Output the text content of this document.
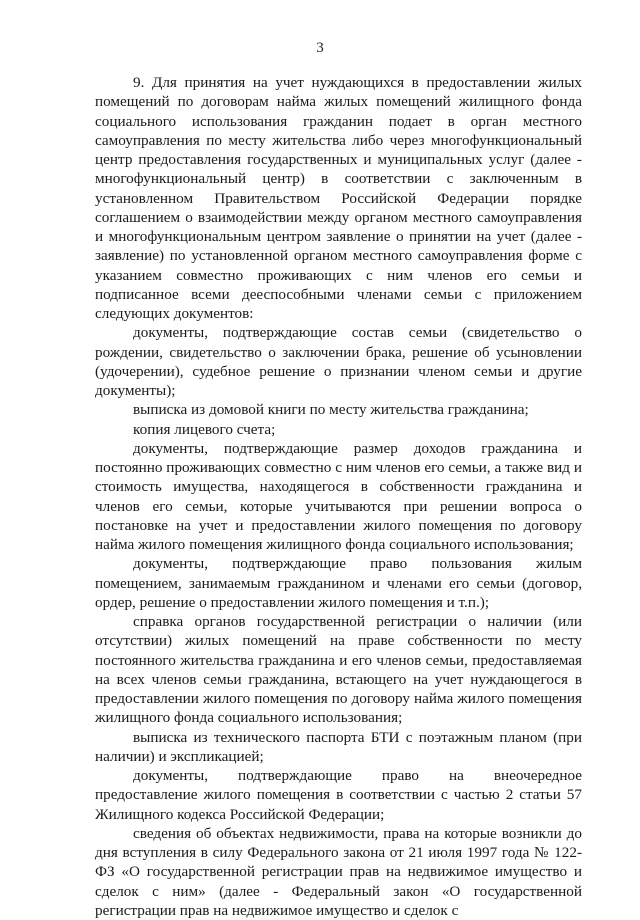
3

9. Для принятия на учет нуждающихся в предоставлении жилых помещений по договорам найма жилых помещений жилищного фонда социального использования гражданин подает в орган местного самоуправления по месту жительства либо через многофункциональный центр предоставления государственных и муниципальных услуг (далее - многофункциональный центр) в соответствии с заключенным в установленном Правительством Российской Федерации порядке соглашением о взаимодействии между органом местного самоуправления и многофункциональным центром заявление о принятии на учет (далее - заявление) по установленной органом местного самоуправления форме с указанием совместно проживающих с ним членов его семьи и подписанное всеми дееспособными членами семьи с приложением следующих документов:

документы, подтверждающие состав семьи (свидетельство о рождении, свидетельство о заключении брака, решение об усыновлении (удочерении), судебное решение о признании членом семьи и другие документы);

выписка из домовой книги по месту жительства гражданина;

копия лицевого счета;

документы, подтверждающие размер доходов гражданина и постоянно проживающих совместно с ним членов его семьи, а также вид и стоимость имущества, находящегося в собственности гражданина и членов его семьи, которые учитываются при решении вопроса о постановке на учет и предоставлении жилого помещения по договору найма жилого помещения жилищного фонда социального использования;

документы, подтверждающие право пользования жилым помещением, занимаемым гражданином и членами его семьи (договор, ордер, решение о предоставлении жилого помещения и т.п.);

справка органов государственной регистрации о наличии (или отсутствии) жилых помещений на праве собственности по месту постоянного жительства гражданина и его членов семьи, предоставляемая на всех членов семьи гражданина, встающего на учет нуждающегося в предоставлении жилого помещения по договору найма жилого помещения жилищного фонда социального использования;

выписка из технического паспорта БТИ с поэтажным планом (при наличии) и экспликацией;

документы, подтверждающие право на внеочередное предоставление жилого помещения в соответствии с частью 2 статьи 57 Жилищного кодекса Российской Федерации;

сведения об объектах недвижимости, права на которые возникли до дня вступления в силу Федерального закона от 21 июля 1997 года № 122-ФЗ «О государственной регистрации прав на недвижимое имущество и сделок с ним» (далее - Федеральный закон «О государственной регистрации прав на недвижимое имущество и сделок с
